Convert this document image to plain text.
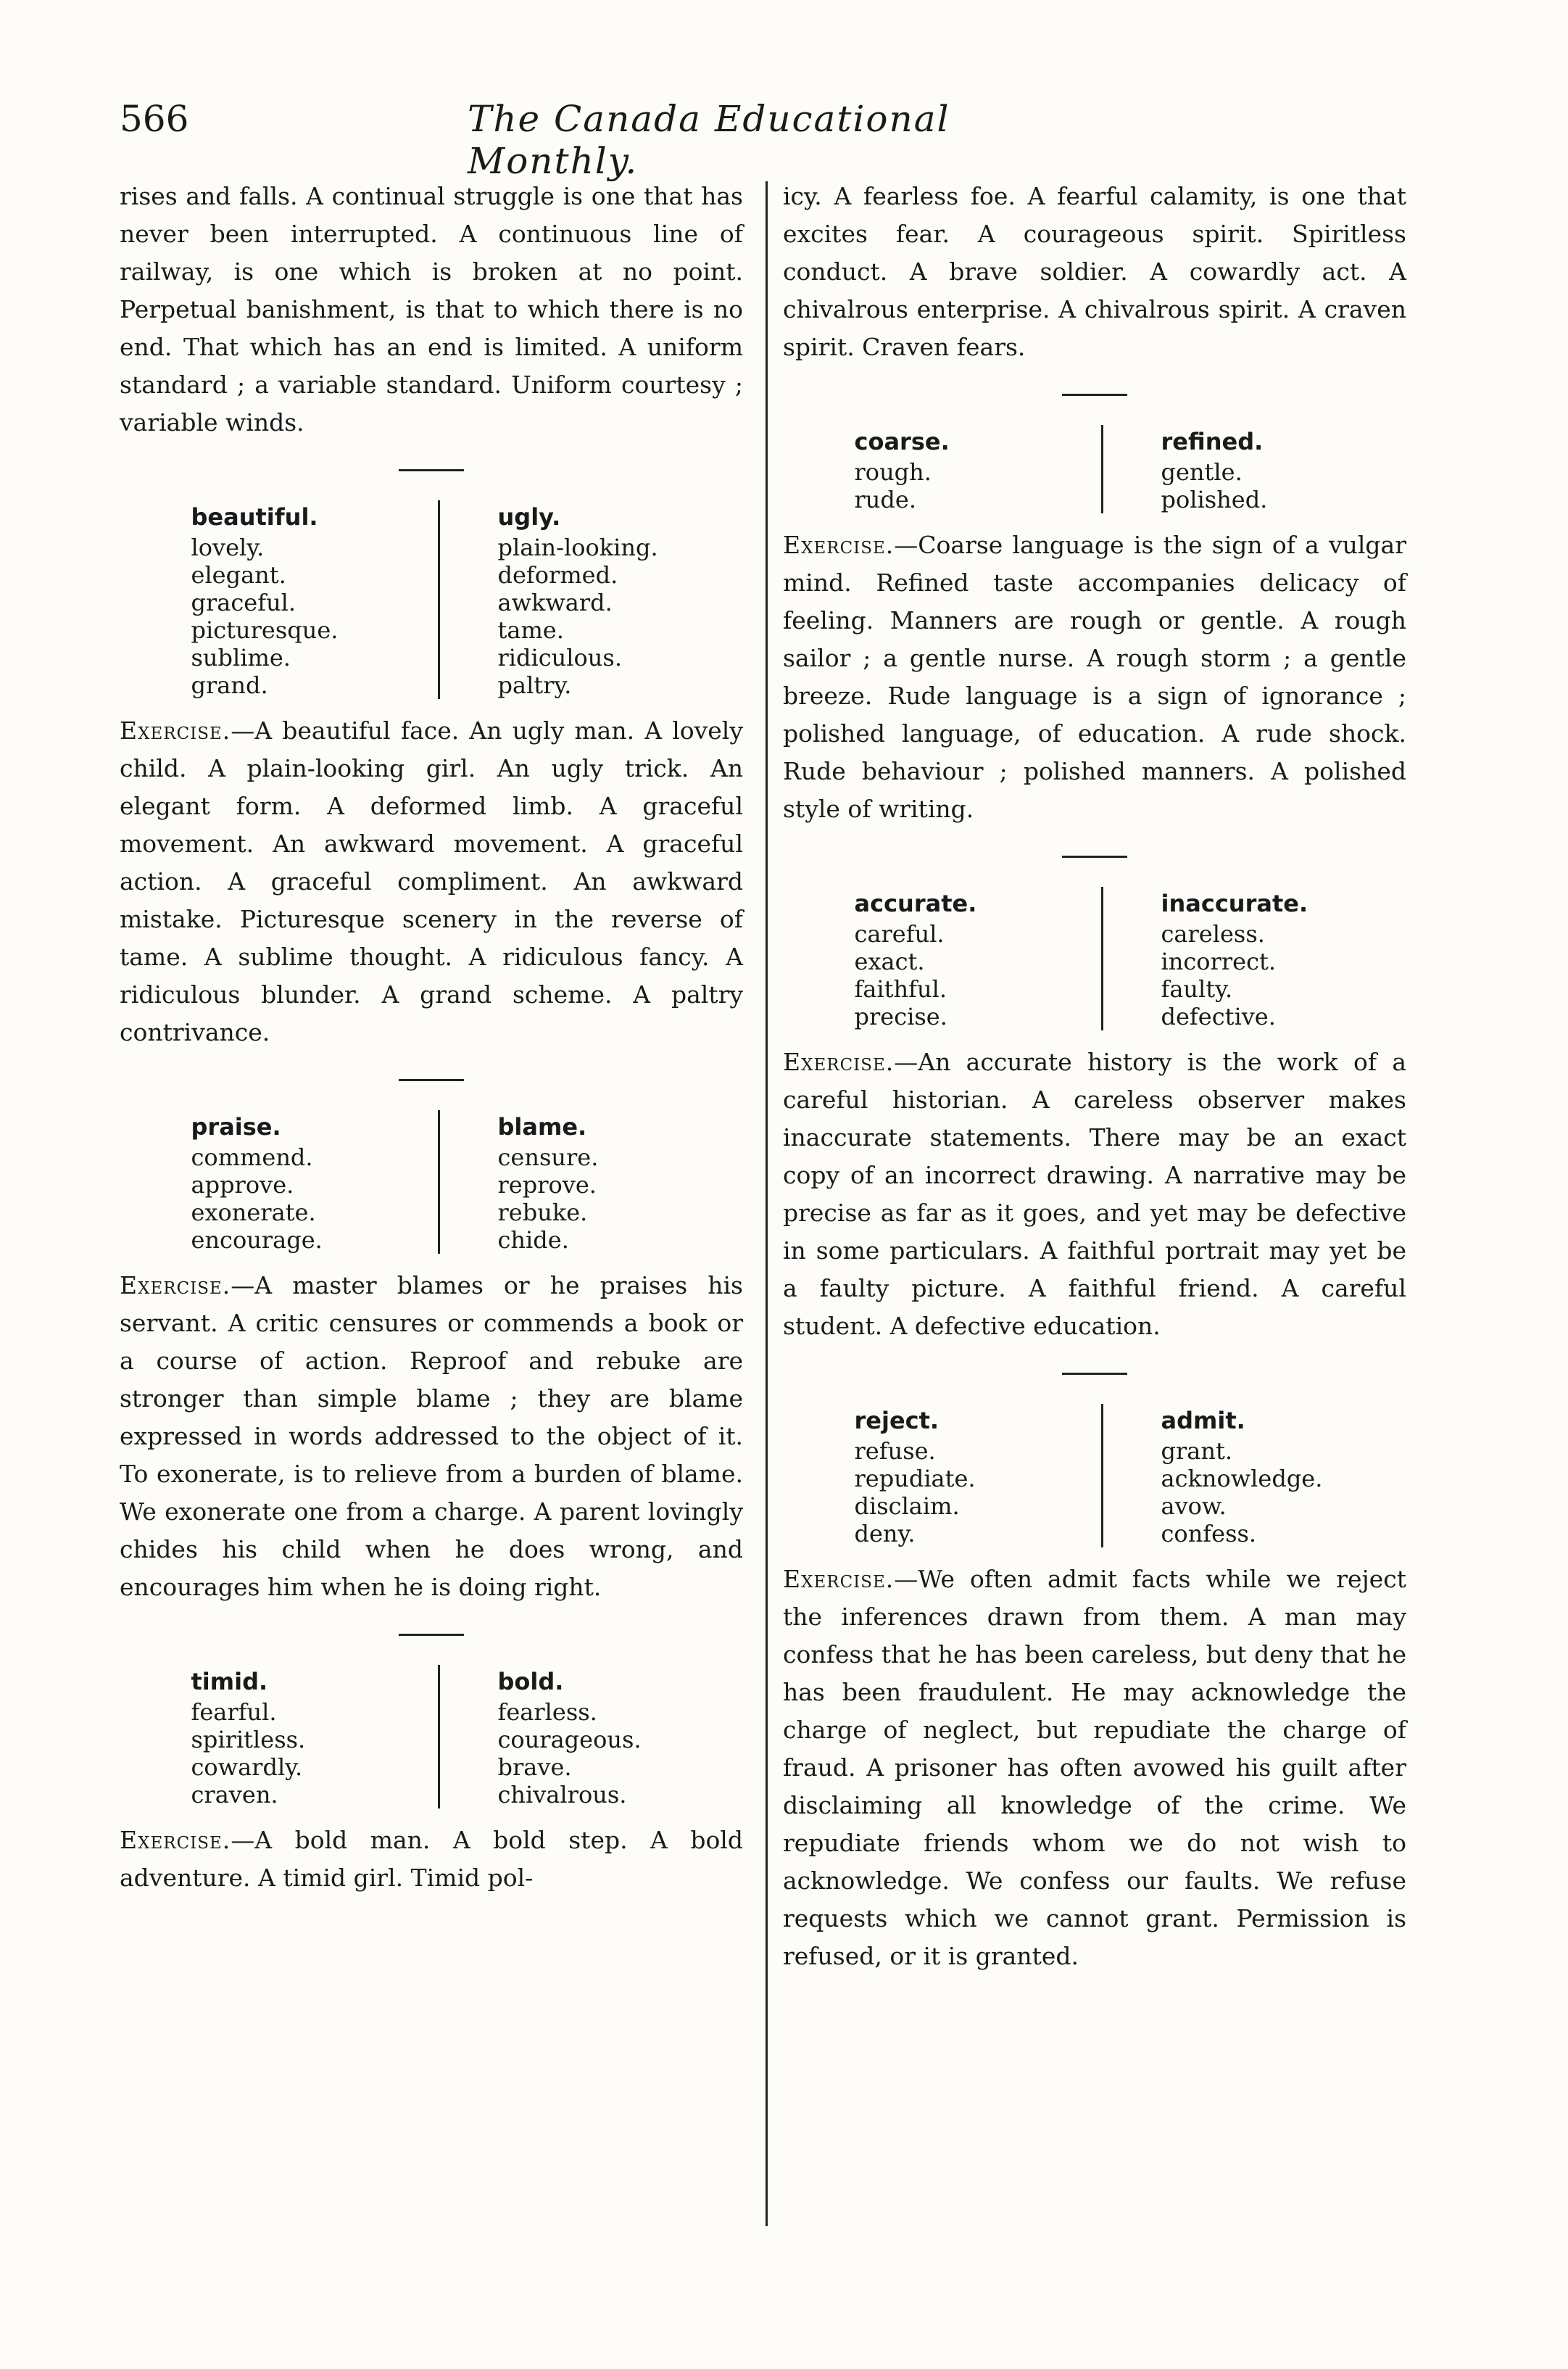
566	The Canada Educational Monthly.

rises and falls. A continual struggle is one that has never been interrupted. A continuous line of railway, is one which is broken at no point. Perpetual banishment, is that to which there is no end. That which has an end is limited. A uniform standard ; a variable standard. Uniform courtesy ; variable winds.

beautiful.
lovely.
elegant.
graceful.
picturesque.
sublime.
grand.
ugly.
plain-looking.
deformed.
awkward.
tame.
ridiculous.
paltry.

Exercise.—A beautiful face. An ugly man. A lovely child. A plain-looking girl. An ugly trick. An elegant form. A deformed limb. A graceful movement. An awkward movement. A graceful action. A graceful compliment. An awkward mistake. Picturesque scenery in the reverse of tame. A sublime thought. A ridiculous fancy. A ridiculous blunder. A grand scheme. A paltry contrivance.

praise.
commend.
approve.
exonerate.
encourage.
blame.
censure.
reprove.
rebuke.
chide.

Exercise.—A master blames or he praises his servant. A critic censures or commends a book or a course of action. Reproof and rebuke are stronger than simple blame ; they are blame expressed in words addressed to the object of it. To exonerate, is to relieve from a burden of blame. We exonerate one from a charge. A parent lovingly chides his child when he does wrong, and encourages him when he is doing right.

timid.
fearful.
spiritless.
cowardly.
craven.
bold.
fearless.
courageous.
brave.
chivalrous.

Exercise.—A bold man. A bold step. A bold adventure. A timid girl. Timid pol-

icy. A fearless foe. A fearful calamity, is one that excites fear. A courageous spirit. Spiritless conduct. A brave soldier. A cowardly act. A chivalrous enterprise. A chivalrous spirit. A craven spirit. Craven fears.

coarse.
rough.
rude.
refined.
gentle.
polished.

Exercise.—Coarse language is the sign of a vulgar mind. Refined taste accompanies delicacy of feeling. Manners are rough or gentle. A rough sailor ; a gentle nurse. A rough storm ; a gentle breeze. Rude language is a sign of ignorance ; polished language, of education. A rude shock. Rude behaviour ; polished manners. A polished style of writing.

accurate.
careful.
exact.
faithful.
precise.
inaccurate.
careless.
incorrect.
faulty.
defective.

Exercise.—An accurate history is the work of a careful historian. A careless observer makes inaccurate statements. There may be an exact copy of an incorrect drawing. A narrative may be precise as far as it goes, and yet may be defective in some particulars. A faithful portrait may yet be a faulty picture. A faithful friend. A careful student. A defective education.

reject.
refuse.
repudiate.
disclaim.
deny.
admit.
grant.
acknowledge.
avow.
confess.

Exercise.—We often admit facts while we reject the inferences drawn from them. A man may confess that he has been careless, but deny that he has been fraudulent. He may acknowledge the charge of neglect, but repudiate the charge of fraud. A prisoner has often avowed his guilt after disclaiming all knowledge of the crime. We repudiate friends whom we do not wish to acknowledge. We confess our faults. We refuse requests which we cannot grant. Permission is refused, or it is granted.
